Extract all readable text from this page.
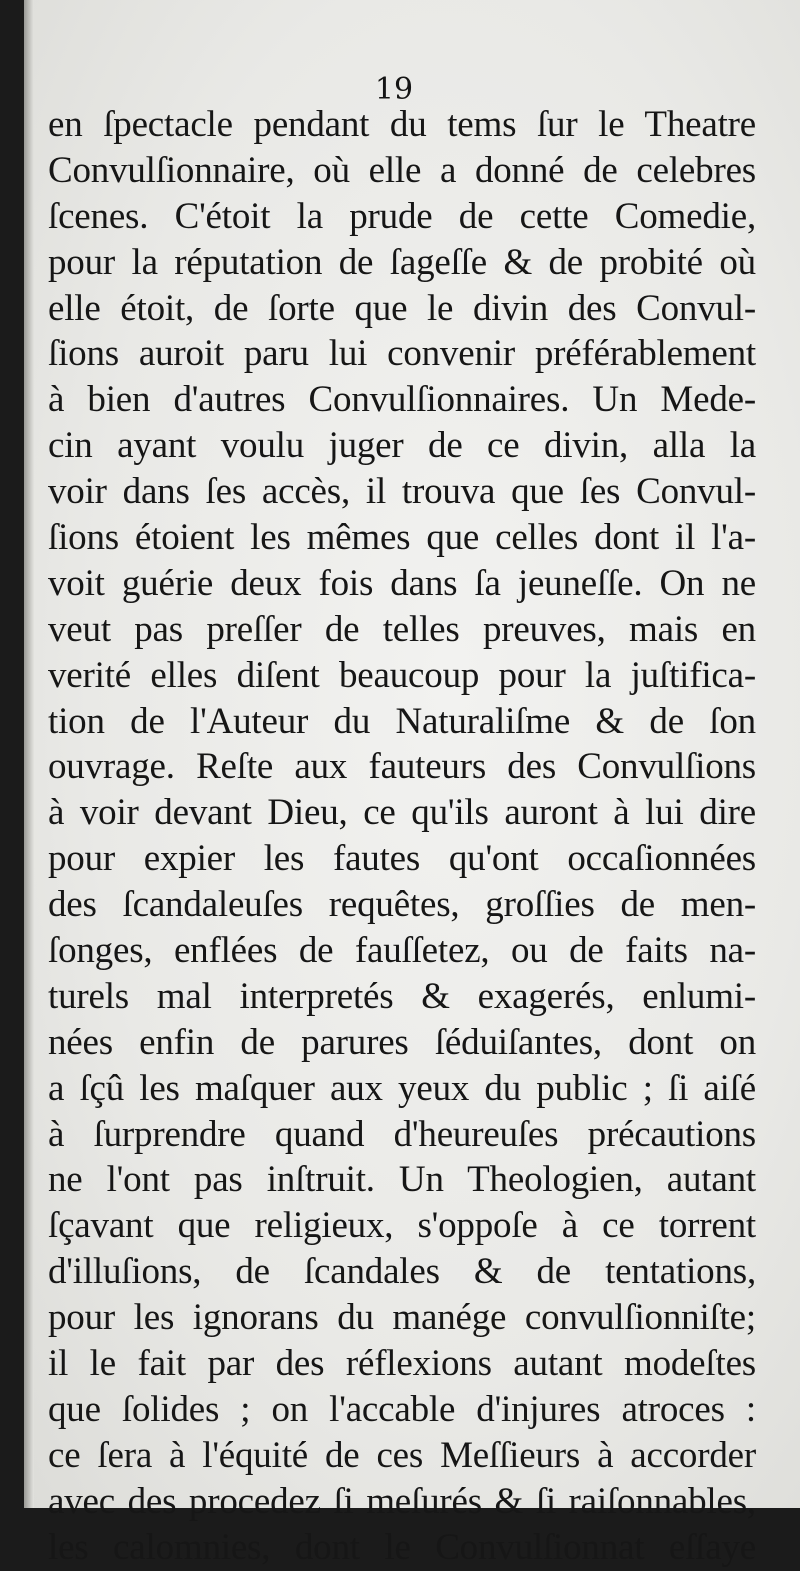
19
en ſpectacle pendant du tems ſur le Theatre
Convulſionnaire, où elle a donné de celebres
ſcenes. C'étoit la prude de cette Comedie,
pour la réputation de ſageſſe & de probité où
elle étoit, de ſorte que le divin des Convul-
ſions auroit paru lui convenir préférablement
à bien d'autres Convulſionnaires. Un Mede-
cin ayant voulu juger de ce divin, alla la
voir dans ſes accès, il trouva que ſes Convul-
ſions étoient les mêmes que celles dont il l'a-
voit guérie deux fois dans ſa jeuneſſe. On ne
veut pas preſſer de telles preuves, mais en
verité elles diſent beaucoup pour la juſtifica-
tion de l'Auteur du Naturaliſme & de ſon
ouvrage. Reſte aux fauteurs des Convulſions
à voir devant Dieu, ce qu'ils auront à lui dire
pour expier les fautes qu'ont occaſionnées
des ſcandaleuſes requêtes, groſſies de men-
ſonges, enflées de fauſſetez, ou de faits na-
turels mal interpretés & exagerés, enlumi-
nées enfin de parures ſéduiſantes, dont on
a ſçû les maſquer aux yeux du public ; ſi aiſé
à ſurprendre quand d'heureuſes précautions
ne l'ont pas inſtruit. Un Theologien, autant
ſçavant que religieux, s'oppoſe à ce torrent
d'illuſions, de ſcandales & de tentations,
pour les ignorans du manége convulſionniſte;
il le fait par des réflexions autant modeſtes
que ſolides ; on l'accable d'injures atroces :
ce ſera à l'équité de ces Meſſieurs à accorder
avec des procedez ſi meſurés & ſi raiſonnables,
les calomnies, dont le Convulſionnat eſſaye
